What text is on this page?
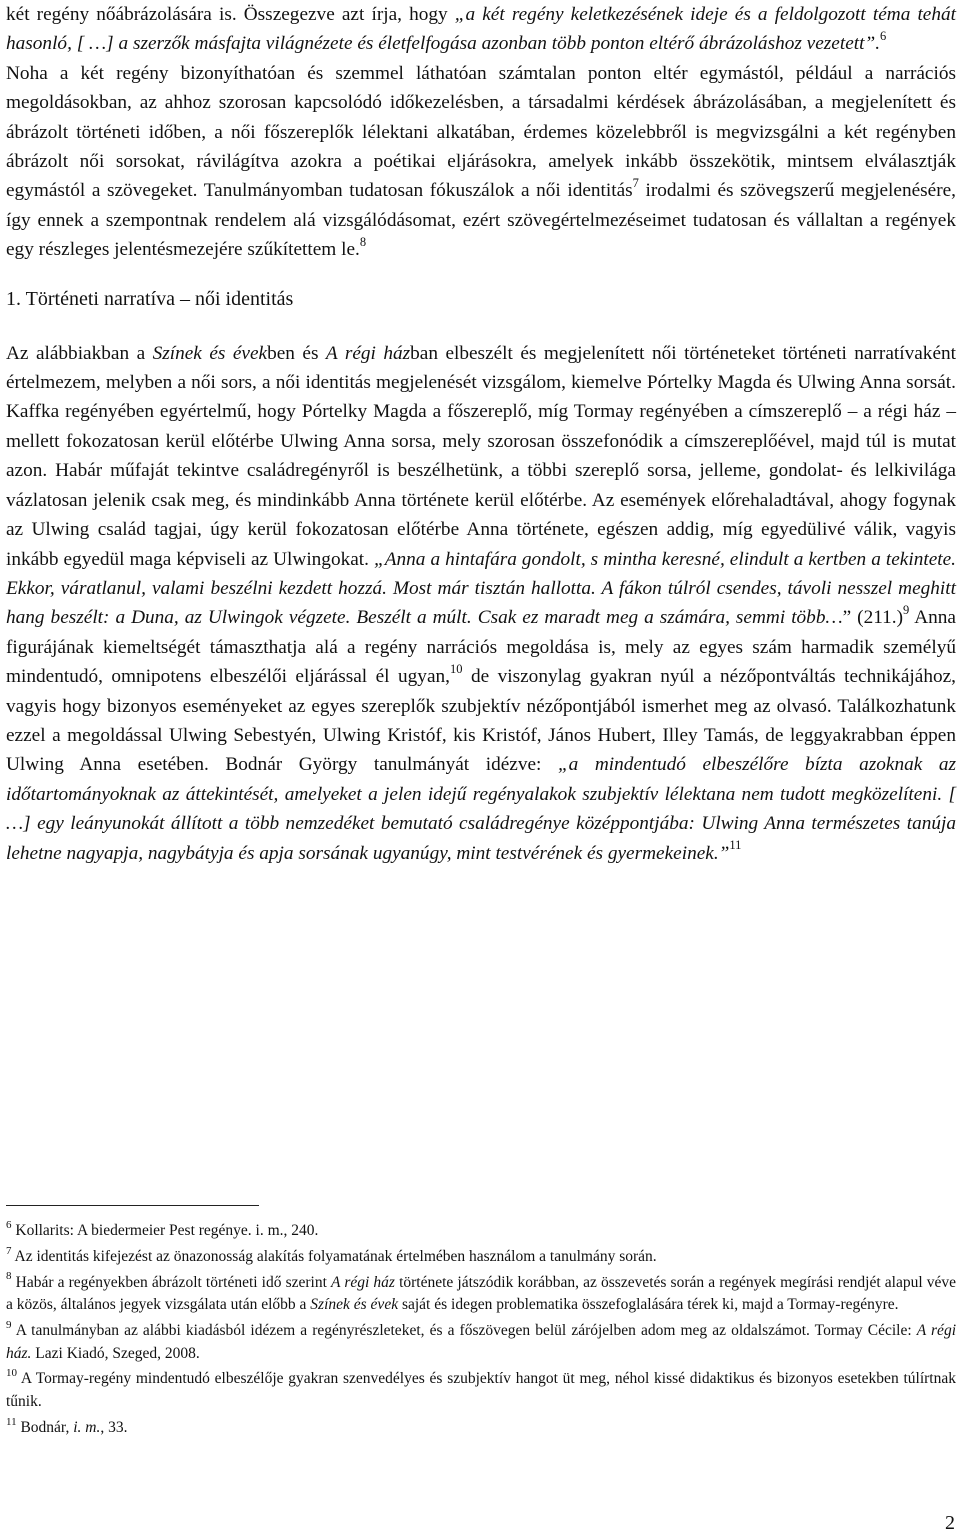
két regény nőábrázolására is. Összegezve azt írja, hogy „a két regény keletkezésének ideje és a feldolgozott téma tehát hasonló, [ …] a szerzők másfajta világnézete és életfelfogása azonban több ponton eltérő ábrázoláshoz vezetett”.$^6$

Noha a két regény bizonyíthatóan és szemmel láthatóan számtalan ponton eltér egymástól, például a narrációs megoldásokban, az ahhoz szorosan kapcsolódó időkezelésben, a társadalmi kérdések ábrázolásában, a megjelenített és ábrázolt történeti időben, a női főszereplők lélektani alkatában, érdemes közelebbről is megvizsgálni a két regényben ábrázolt női sorsokat, rávilágítva azokra a poétikai eljárásokra, amelyek inkább összekötik, mintsem elválasztják egymástól a szövegeket. Tanulmányomban tudatosan fókuszálok a női identitás$^7$ irodalmi és szövegszerű megjelenésére, így ennek a szempontnak rendelem alá vizsgálódásomat, ezért szövegértelmezéseimet tudatosan és vállaltan a regények egy részleges jelentésmezejére szűkítettem le.$^8$

1. Történeti narratíva – női identitás

Az alábbiakban a Színek és években és A régi házban elbeszélt és megjelenített női történeteket történeti narratívaként értelmezem, melyben a női sors, a női identitás megjelenését vizsgálom, kiemelve Pórtelky Magda és Ulwing Anna sorsát. Kaffka regényében egyértelmű, hogy Pórtelky Magda a főszereplő, míg Tormay regényében a címszereplő – a régi ház – mellett fokozatosan kerül előtérbe Ulwing Anna sorsa, mely szorosan összefonódik a címszereplőével, majd túl is mutat azon. Habár műfaját tekintve családregényről is beszélhetünk, a többi szereplő sorsa, jelleme, gondolat- és lelkivilága vázlatosan jelenik csak meg, és mindinkább Anna története kerül előtérbe. Az események előrehaladtával, ahogy fogynak az Ulwing család tagjai, úgy kerül fokozatosan előtérbe Anna története, egészen addig, míg egyedülivé válik, vagyis inkább egyedül maga képviseli az Ulwingokat. „Anna a hintafára gondolt, s mintha keresné, elindult a kertben a tekintete. Ekkor, váratlanul, valami beszélni kezdett hozzá. Most már tisztán hallotta. A fákon túlról csendes, távoli nesszel meghitt hang beszélt: a Duna, az Ulwingok végzete. Beszélt a múlt. Csak ez maradt meg a számára, semmi több…” $(211.)^9$ Anna figurájának kiemeltségét támaszthatja alá a regény narrációs megoldása is, mely az egyes szám harmadik személyű mindentudó, omnipotens elbeszélői eljárással él ugyan,$^{10}$ de viszonylag gyakran nyúl a nézőpontváltás technikájához, vagyis hogy bizonyos eseményeket az egyes szereplők szubjektív nézőpontjából ismerhet meg az olvasó. Találkozhatunk ezzel a megoldással Ulwing Sebestyén, Ulwing Kristóf, kis Kristóf, János Hubert, Illey Tamás, de leggyakrabban éppen Ulwing Anna esetében. Bodnár György tanulmányát idézve: „a mindentudó elbeszélőre bízta azoknak az időtartományoknak az áttekintését, amelyeket a jelen idejű regényalakok szubjektív lélektana nem tudott megközelíteni. [ …] egy leányunokát állított a több nemzedéket bemutató családregénye középpontjába: Ulwing Anna természetes tanúja lehetne nagyapja, nagybátyja és apja sorsának ugyanúgy, mint testvérének és gyermekeinek.”$^{11}$

$^6$ Kollarits: A biedermeier Pest regénye. i. m., 240.

$^7$ Az identitás kifejezést az önazonosság alakítás folyamatának értelmében használom a tanulmány során.

$^8$ Habár a regényekben ábrázolt történeti idő szerint A régi ház története játszódik korábban, az összevetés során a regények megírási rendjét alapul véve a közös, általános jegyek vizsgálata után előbb a Színek és évek saját és idegen problematika összefoglalására térek ki, majd a Tormay-regényre.

$^9$ A tanulmányban az alábbi kiadásból idézem a regényrészleteket, és a főszövegen belül zárójelben adom meg az oldalszámot. Tormay Cécile: A régi ház. Lazi Kiadó, Szeged, 2008.

$^{10}$ A Tormay-regény mindentudó elbeszélője gyakran szenvedélyes és szubjektív hangot üt meg, néhol kissé didaktikus és bizonyos esetekben túlírtnak tűnik.

$^{11}$ Bodnár, i. m., 33.

2
